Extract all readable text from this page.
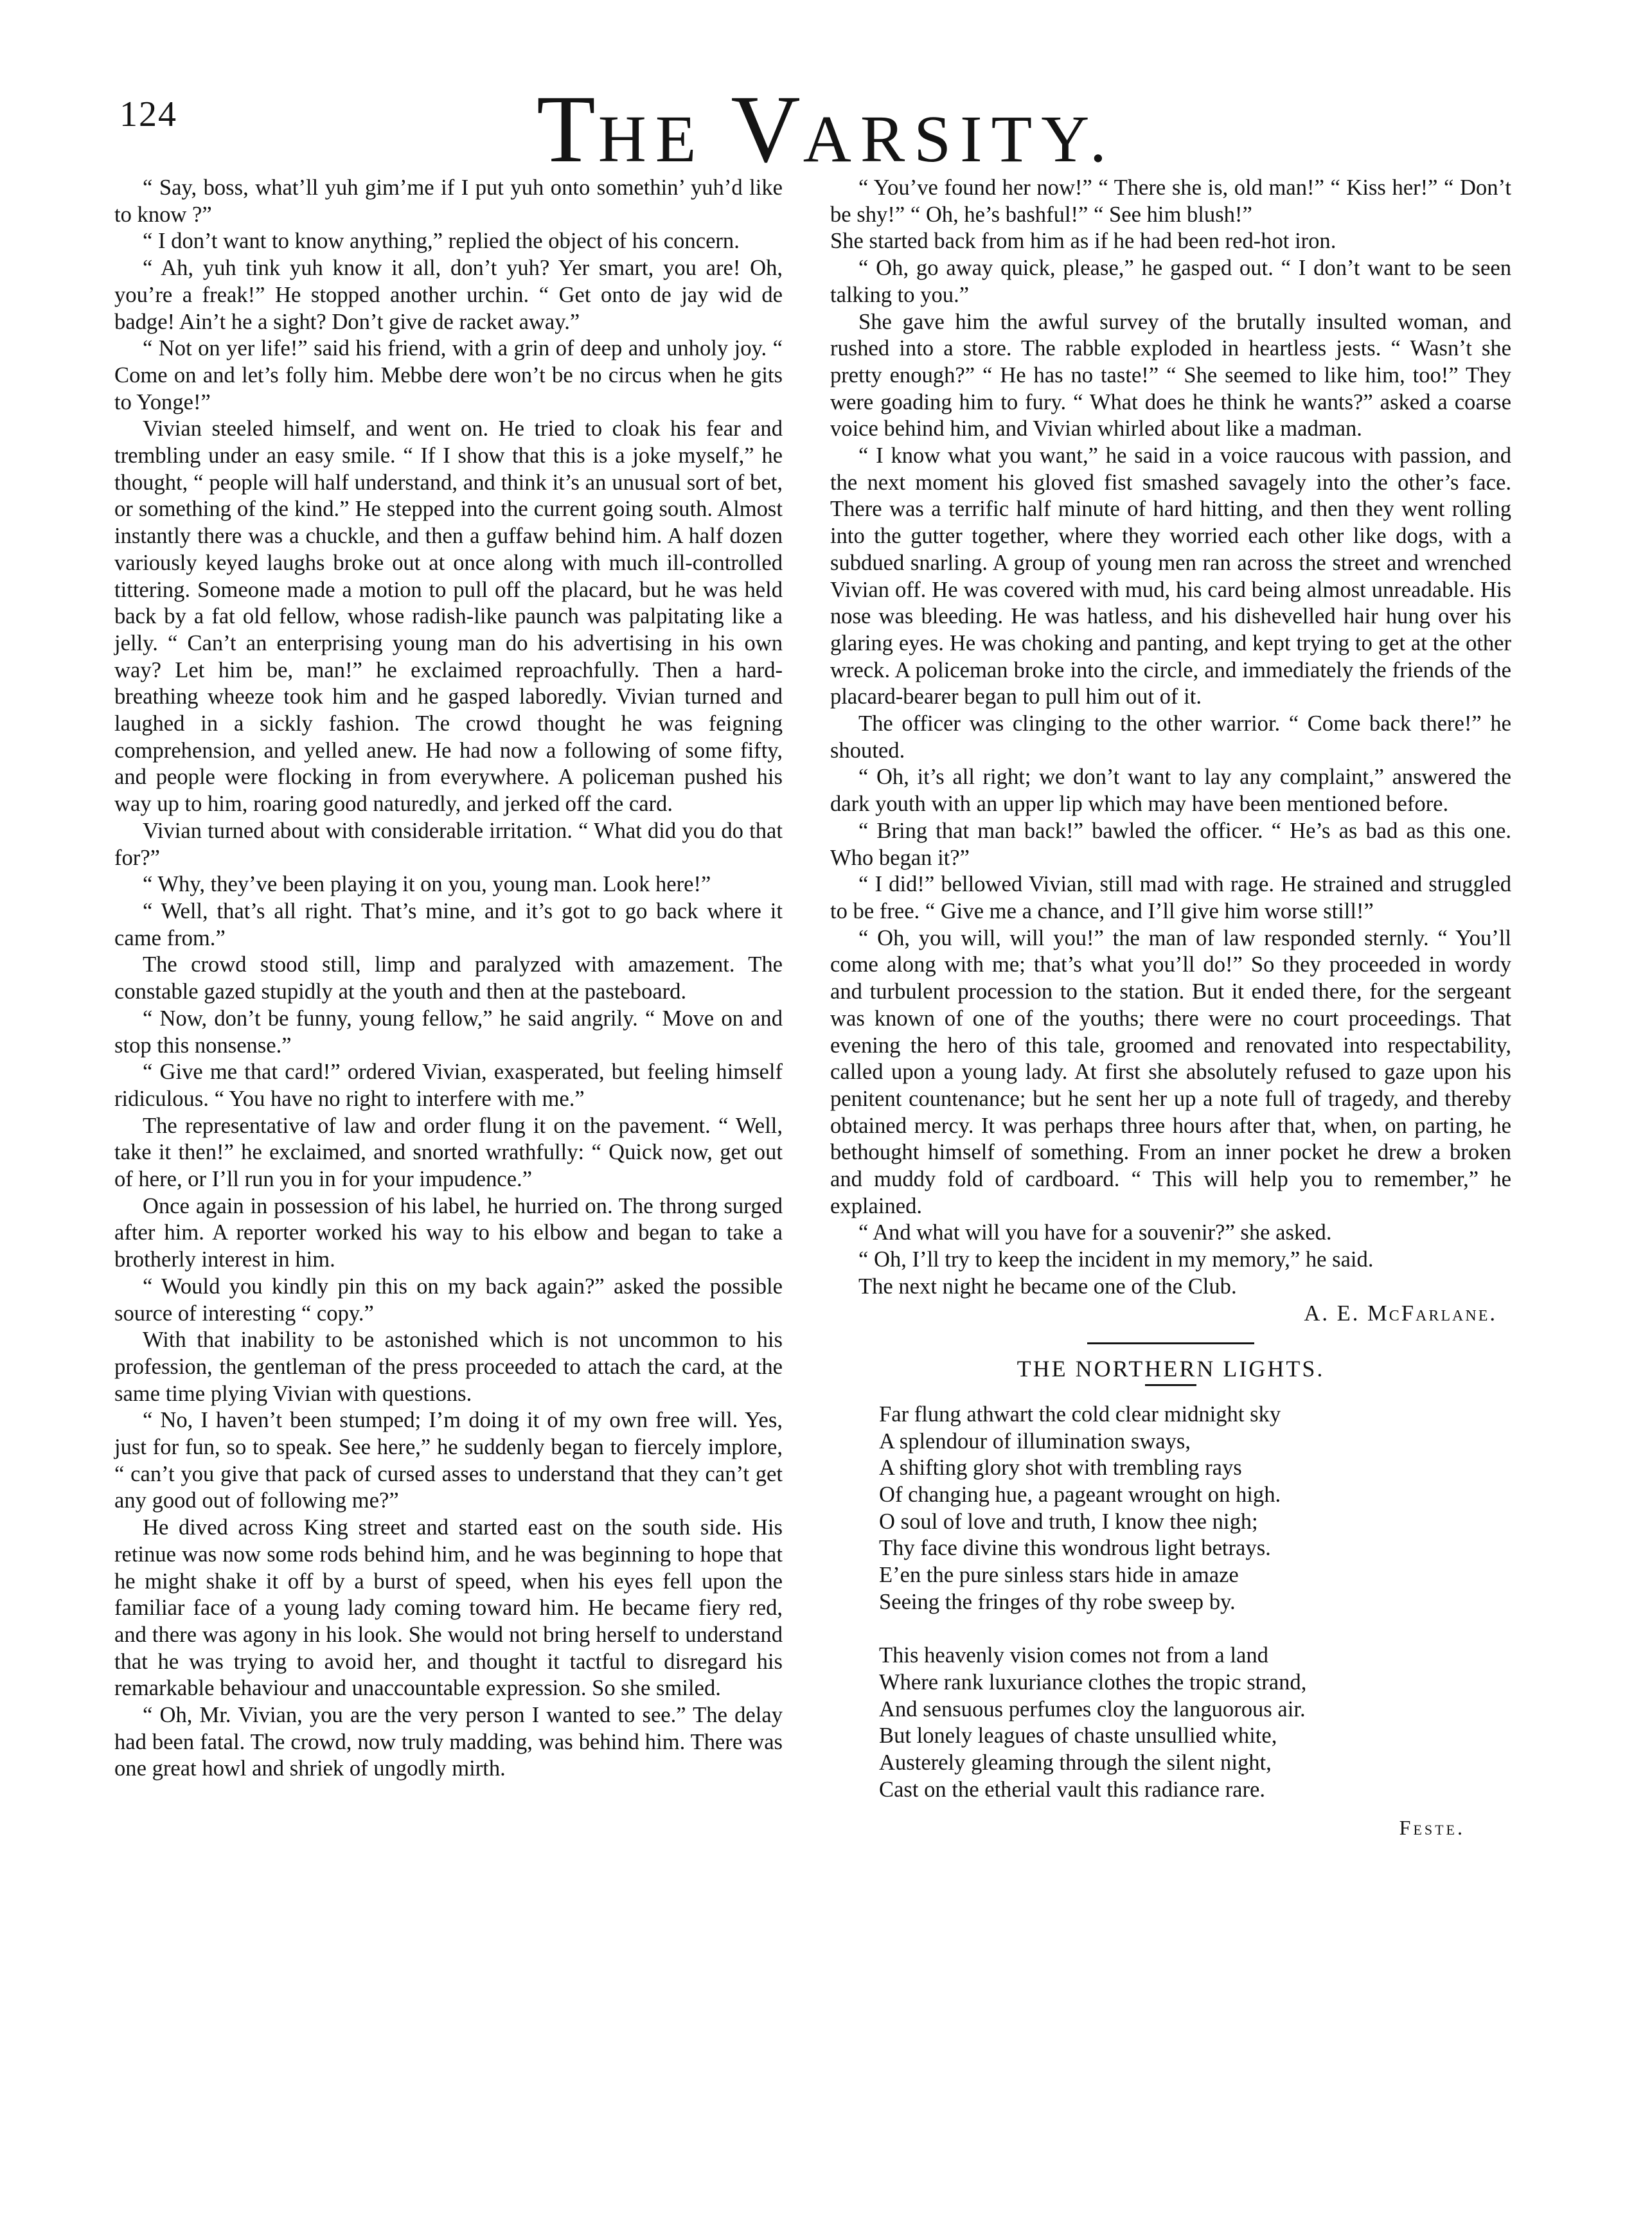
124	THE VARSITY.

“ Say, boss, what’ll yuh gim’me if I put yuh onto somethin’ yuh’d like to know ?”

“ I don’t want to know anything,” replied the object of his concern.

“ Ah, yuh tink yuh know it all, don’t yuh? Yer smart, you are! Oh, you’re a freak!” He stopped another urchin. “ Get onto de jay wid de badge! Ain’t he a sight? Don’t give de racket away.”

“ Not on yer life!” said his friend, with a grin of deep and unholy joy. “ Come on and let’s folly him. Mebbe dere won’t be no circus when he gits to Yonge!”

Vivian steeled himself, and went on. He tried to cloak his fear and trembling under an easy smile. “ If I show that this is a joke myself,” he thought, “ people will half understand, and think it’s an unusual sort of bet, or something of the kind.” He stepped into the current going south. Almost instantly there was a chuckle, and then a guffaw behind him. A half dozen variously keyed laughs broke out at once along with much ill-controlled tittering. Someone made a motion to pull off the placard, but he was held back by a fat old fellow, whose radish-like paunch was palpitating like a jelly. “ Can’t an enterprising young man do his advertising in his own way? Let him be, man!” he exclaimed reproachfully. Then a hard-breathing wheeze took him and he gasped laboredly. Vivian turned and laughed in a sickly fashion. The crowd thought he was feigning comprehension, and yelled anew. He had now a following of some fifty, and people were flocking in from everywhere. A policeman pushed his way up to him, roaring good naturedly, and jerked off the card.

Vivian turned about with considerable irritation. “ What did you do that for?”

“ Why, they’ve been playing it on you, young man. Look here!”

“ Well, that’s all right. That’s mine, and it’s got to go back where it came from.”

The crowd stood still, limp and paralyzed with amazement. The constable gazed stupidly at the youth and then at the pasteboard.

“ Now, don’t be funny, young fellow,” he said angrily. “ Move on and stop this nonsense.”

“ Give me that card!” ordered Vivian, exasperated, but feeling himself ridiculous. “ You have no right to interfere with me.”

The representative of law and order flung it on the pavement. “ Well, take it then!” he exclaimed, and snorted wrathfully: “ Quick now, get out of here, or I’ll run you in for your impudence.”

Once again in possession of his label, he hurried on. The throng surged after him. A reporter worked his way to his elbow and began to take a brotherly interest in him.

“ Would you kindly pin this on my back again?” asked the possible source of interesting “ copy.”

With that inability to be astonished which is not uncommon to his profession, the gentleman of the press proceeded to attach the card, at the same time plying Vivian with questions.

“ No, I haven’t been stumped; I’m doing it of my own free will. Yes, just for fun, so to speak. See here,” he suddenly began to fiercely implore, “ can’t you give that pack of cursed asses to understand that they can’t get any good out of following me?”

He dived across King street and started east on the south side. His retinue was now some rods behind him, and he was beginning to hope that he might shake it off by a burst of speed, when his eyes fell upon the familiar face of a young lady coming toward him. He became fiery red, and there was agony in his look. She would not bring herself to understand that he was trying to avoid her, and thought it tactful to disregard his remarkable behaviour and unaccountable expression. So she smiled.

“ Oh, Mr. Vivian, you are the very person I wanted to see.” The delay had been fatal. The crowd, now truly madding, was behind him. There was one great howl and shriek of ungodly mirth.

“ You’ve found her now!” “ There she is, old man!” “ Kiss her!” “ Don’t be shy!” “ Oh, he’s bashful!” “ See him blush!”

She started back from him as if he had been red-hot iron.

“ Oh, go away quick, please,” he gasped out. “ I don’t want to be seen talking to you.”

She gave him the awful survey of the brutally insulted woman, and rushed into a store. The rabble exploded in heartless jests. “ Wasn’t she pretty enough?” “ He has no taste!” “ She seemed to like him, too!” They were goading him to fury. “ What does he think he wants?” asked a coarse voice behind him, and Vivian whirled about like a madman.

“ I know what you want,” he said in a voice raucous with passion, and the next moment his gloved fist smashed savagely into the other’s face. There was a terrific half minute of hard hitting, and then they went rolling into the gutter together, where they worried each other like dogs, with a subdued snarling. A group of young men ran across the street and wrenched Vivian off. He was covered with mud, his card being almost unreadable. His nose was bleeding. He was hatless, and his dishevelled hair hung over his glaring eyes. He was choking and panting, and kept trying to get at the other wreck. A policeman broke into the circle, and immediately the friends of the placard-bearer began to pull him out of it.

The officer was clinging to the other warrior. “ Come back there!” he shouted.

“ Oh, it’s all right; we don’t want to lay any complaint,” answered the dark youth with an upper lip which may have been mentioned before.

“ Bring that man back!” bawled the officer. “ He’s as bad as this one. Who began it?”

“ I did!” bellowed Vivian, still mad with rage. He strained and struggled to be free. “ Give me a chance, and I’ll give him worse still!”

“ Oh, you will, will you!” the man of law responded sternly. “ You’ll come along with me; that’s what you’ll do!” So they proceeded in wordy and turbulent procession to the station. But it ended there, for the sergeant was known of one of the youths; there were no court proceedings. That evening the hero of this tale, groomed and renovated into respectability, called upon a young lady. At first she absolutely refused to gaze upon his penitent countenance; but he sent her up a note full of tragedy, and thereby obtained mercy. It was perhaps three hours after that, when, on parting, he bethought himself of something. From an inner pocket he drew a broken and muddy fold of cardboard. “ This will help you to remember,” he explained.

“ And what will you have for a souvenir?” she asked.

“ Oh, I’ll try to keep the incident in my memory,” he said.

The next night he became one of the Club.

A. E. McFarlane.
THE NORTHERN LIGHTS.
Far flung athwart the cold clear midnight sky
A splendour of illumination sways,
A shifting glory shot with trembling rays
Of changing hue, a pageant wrought on high.
O soul of love and truth, I know thee nigh;
Thy face divine this wondrous light betrays.
E’en the pure sinless stars hide in amaze
Seeing the fringes of thy robe sweep by.
This heavenly vision comes not from a land
Where rank luxuriance clothes the tropic strand,
And sensuous perfumes cloy the languorous air.
But lonely leagues of chaste unsullied white,
Austerely gleaming through the silent night,
Cast on the etherial vault this radiance rare.
Feste.
